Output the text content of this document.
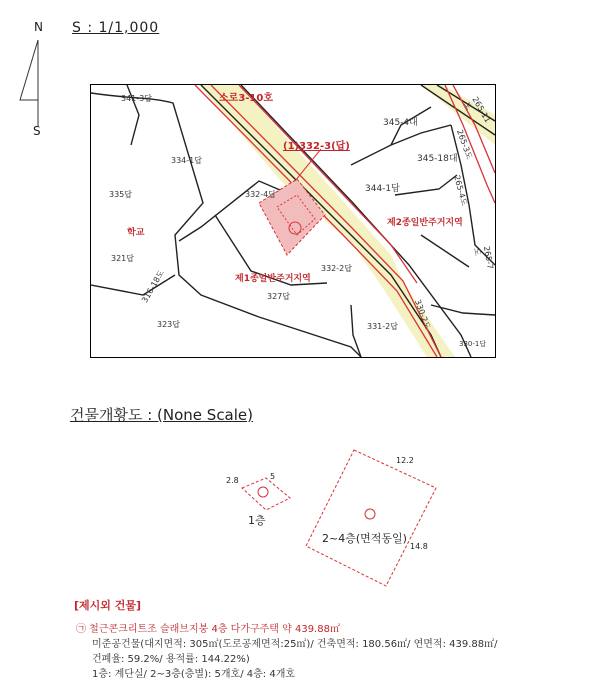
N
S
S : 1/1,000
소로3-10호
(1)332-3(답)
제1종일반주거지역
제2종일반주거지역
학교
341-3답
334-1답
335답	332-4답
321답
316-18도	327답
323답
345-4대
345-18대
344-1답
332-2답
331-2답
330-1답
330-2도
265-11도
265-3도
265-4도
265-7도
건물개황도 : (None Scale)
2.8	5
12.2
14.8
1층
2~4층(면적동일)
[제시외 건물]
㉠ 철근콘크리트조 슬래브지붕 4층 다가구주택 약 439.88㎡
미준공건물(대지면적: 305㎡(도로공제면적:25㎡)/ 건축면적: 180.56㎡/ 연면적: 439.88㎡/
건폐율: 59.2%/ 용적률: 144.22%)
1층: 계단실/ 2~3층(층별): 5개호/ 4층: 4개호
